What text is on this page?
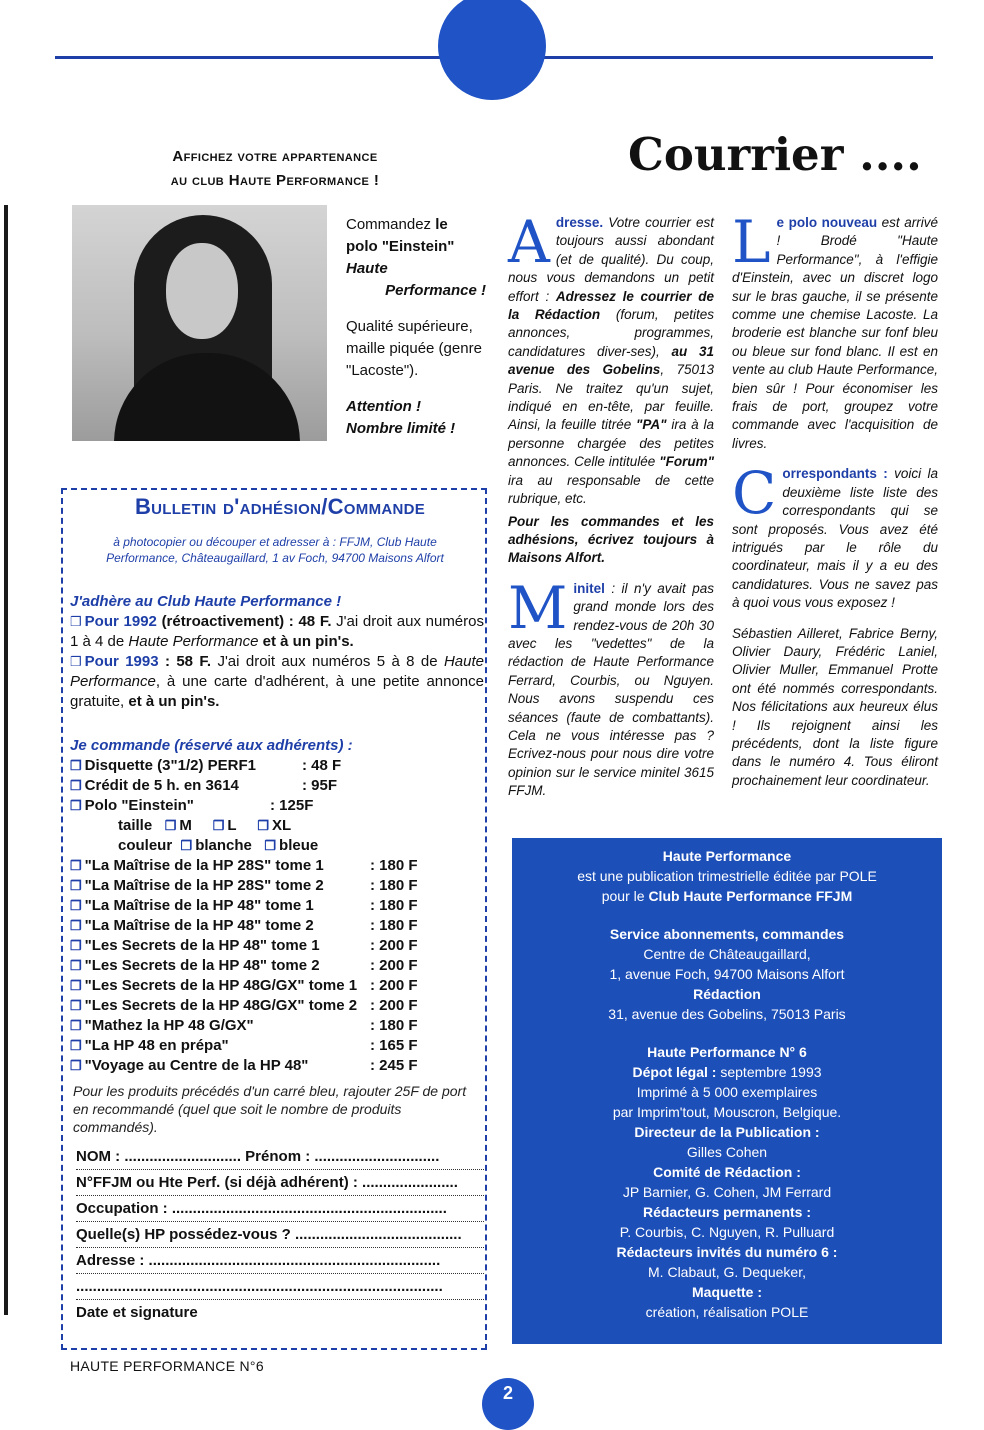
Affichez votre appartenance
au club Haute Performance !	Courrier ....

Commandez le
polo "Einstein"
Haute

Performance !

Qualité supérieure, maille piquée (genre "Lacoste").

Attention !
Nombre limité !

Bulletin d'adhésion/Commande
à photocopier ou découper et adresser à : FFJM, Club Haute Performance, Châteaugaillard, 1 av Foch, 94700 Maisons Alfort
J'adhère au Club Haute Performance !
❒ Pour 1992 (rétroactivement) : 48 F. J'ai droit aux numéros 1 à 4 de Haute Performance et à un pin's.
❒ Pour 1993 : 58 F. J'ai droit aux numéros 5 à 8 de Haute Performance, à une carte d'adhérent, à une petite annonce gratuite, et à un pin's.
Je commande (réservé aux adhérents) :
❒ Disquette (3"1/2) PERF1	: 48 F
❒ Crédit de 5 h. en 3614	: 95F
❒ Polo "Einstein"	: 125F
taille ❒ M ❒ L ❒ XL
couleur ❒ blanche ❒ bleue
❒ "La Maîtrise de la HP 28S" tome 1	: 180 F
❒ "La Maîtrise de la HP 28S" tome 2	: 180 F
❒ "La Maîtrise de la HP 48" tome 1	: 180 F
❒ "La Maîtrise de la HP 48" tome 2	: 180 F
❒ "Les Secrets de la HP 48" tome 1	: 200 F
❒ "Les Secrets de la HP 48" tome 2	: 200 F
❒ "Les Secrets de la HP 48G/GX" tome 1 : 200 F
❒ "Les Secrets de la HP 48G/GX" tome 2 : 200 F
❒ "Mathez la HP 48 G/GX"	: 180 F
❒ "La HP 48 en prépa"	: 165 F
❒ "Voyage au Centre de la HP 48"	: 245 F
Pour les produits précédés d'un carré bleu, rajouter 25F de port en recommandé (quel que soit le nombre de produits commandés).
NOM : ............................ Prénom : ..............................
N°FFJM ou Hte Perf. (si déjà adhérent) : .......................
Occupation : ..................................................................
Quelle(s) HP possédez-vous ? ........................................
Adresse : ......................................................................
........................................................................................
Date et signature

Adresse. Votre courrier est toujours aussi abondant (et de qualité). Du coup, nous vous demandons un petit effort : Adressez le courrier de la Rédaction (forum, petites annonces, programmes, candidatures diver-ses), au 31 avenue des Gobelins, 75013 Paris. Ne traitez qu'un sujet, indiqué en en-tête, par feuille. Ainsi, la feuille titrée "PA" ira à la personne chargée des petites annonces. Celle intitulée "Forum" ira au responsable de cette rubrique, etc.

Pour les commandes et les adhésions, écrivez toujours à Maisons Alfort.

Minitel : il n'y avait pas grand monde lors des rendez-vous de 20h 30 avec les "vedettes" de la rédaction de Haute Performance Ferrard, Courbis, ou Nguyen. Nous avons suspendu ces séances (faute de combattants). Cela ne vous intéresse pas ? Ecrivez-nous pour nous dire votre opinion sur le service minitel 3615 FFJM.

Le polo nouveau est arrivé ! Brodé "Haute Performance", à l'effigie d'Einstein, avec un discret logo sur le bras gauche, il se présente comme une chemise Lacoste. La broderie est blanche sur fonf bleu ou bleue sur fond blanc. Il est en vente au club Haute Performance, bien sûr ! Pour économiser les frais de port, groupez votre commande avec l'acquisition de livres.

Correspondants : voici la deuxième liste liste des correspondants qui se sont proposés. Vous avez été intrigués par le rôle du coordinateur, mais il y a eu des candidatures. Vous ne savez pas à quoi vous vous exposez !

Sébastien Ailleret, Fabrice Berny, Olivier Daury, Frédéric Laniel, Olivier Muller, Emmanuel Protte ont été nommés correspondants. Nos félicitations aux heureux élus ! Ils rejoignent ainsi les précédents, dont la liste figure dans le numéro 4. Tous éliront prochainement leur coordinateur.

Haute Performance
est une publication trimestrielle éditée par POLE
pour le Club Haute Performance FFJM
Service abonnements, commandes
Centre de Châteaugaillard,
1, avenue Foch, 94700 Maisons Alfort
Rédaction
31, avenue des Gobelins, 75013 Paris
Haute Performance N° 6
Dépot légal : septembre 1993
Imprimé à 5 000 exemplaires
par Imprim'tout, Mouscron, Belgique.
Directeur de la Publication :
Gilles Cohen
Comité de Rédaction :
JP Barnier, G. Cohen, JM Ferrard
Rédacteurs permanents :
P. Courbis, C. Nguyen, R. Pulluard
Rédacteurs invités du numéro 6 :
M. Clabaut, G. Dequeker,
Maquette :
création, réalisation POLE
HAUTE PERFORMANCE N°6
2
